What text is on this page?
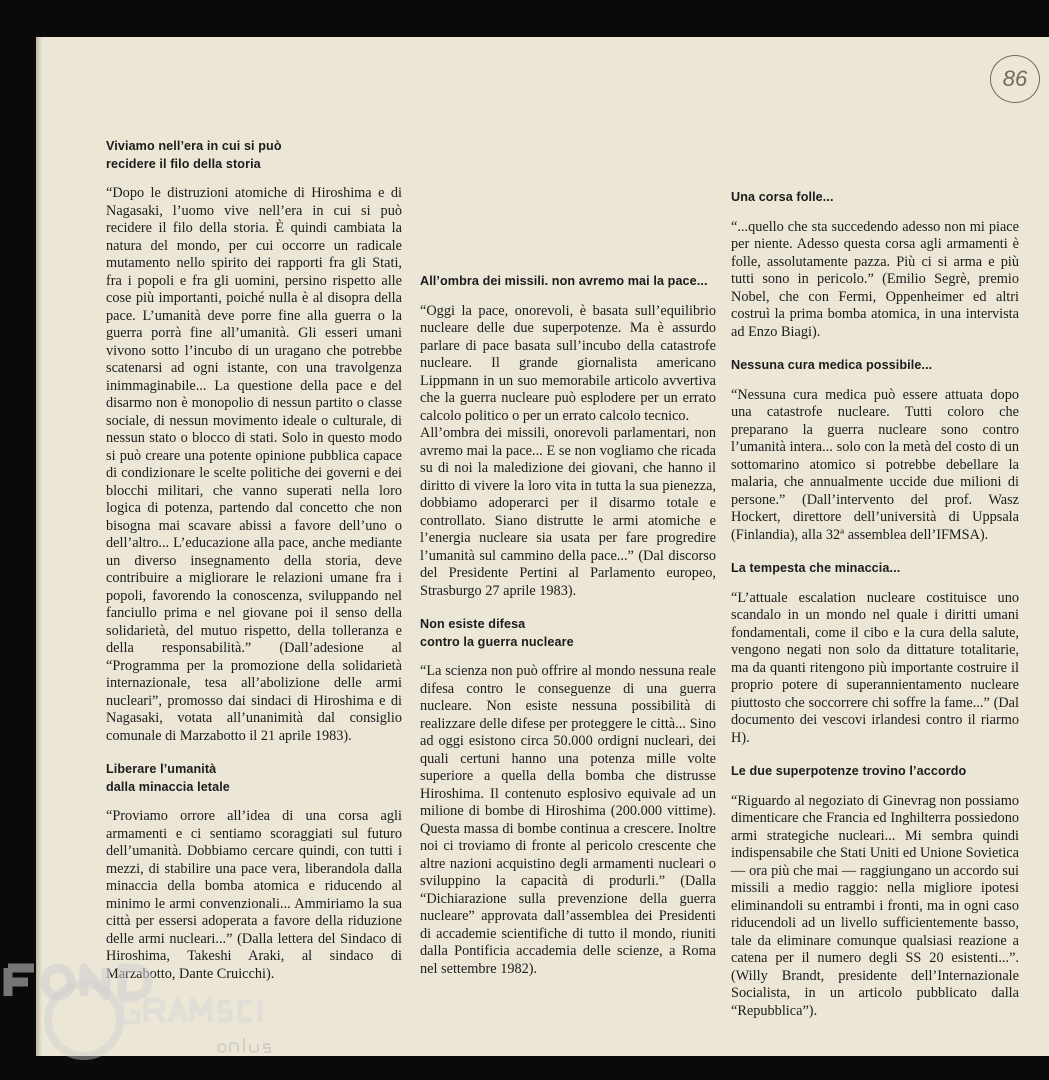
86
Viviamo nell’era in cui si può
recidere il filo della storia

“Dopo le distruzioni atomiche di Hiroshima e di Nagasaki, l’uomo vive nell’era in cui si può recidere il filo della storia. È quindi cambiata la natura del mondo, per cui occorre un radicale mutamento nello spirito dei rapporti fra gli Stati, fra i popoli e fra gli uomini, persino rispetto alle cose più importanti, poiché nulla è al disopra della pace. L’umanità deve porre fine alla guerra o la guerra porrà fine all’umanità. Gli esseri umani vivono sotto l’incubo di un uragano che potrebbe scatenarsi ad ogni istante, con una travolgenza inimmaginabile... La questione della pace e del disarmo non è monopolio di nessun partito o classe sociale, di nessun movimento ideale o culturale, di nessun stato o blocco di stati. Solo in questo modo si può creare una potente opinione pubblica capace di condizionare le scelte politiche dei governi e dei blocchi militari, che vanno superati nella loro logica di potenza, partendo dal concetto che non bisogna mai scavare abissi a favore dell’uno o dell’altro... L’educazione alla pace, anche mediante un diverso insegnamento della storia, deve contribuire a migliorare le relazioni umane fra i popoli, favorendo la conoscenza, sviluppando nel fanciullo prima e nel giovane poi il senso della solidarietà, del mutuo rispetto, della tolleranza e della responsabilità.” (Dall’adesione al “Programma per la promozione della solidarietà internazionale, tesa all’abolizione delle armi nucleari”, promosso dai sindaci di Hiroshima e di Nagasaki, votata all’unanimità dal consiglio comunale di Marzabotto il 21 aprile 1983).

Liberare l’umanità
dalla minaccia letale

“Proviamo orrore all’idea di una corsa agli armamenti e ci sentiamo scoraggiati sul futuro dell’umanità. Dobbiamo cercare quindi, con tutti i mezzi, di stabilire una pace vera, liberandola dalla minaccia della bomba atomica e riducendo al minimo le armi convenzionali... Ammiriamo la sua città per essersi adoperata a favore della riduzione delle armi nucleari...” (Dalla lettera del Sindaco di Hiroshima, Takeshi Araki, al sindaco di Marzabotto, Dante Cruicchi).

All’ombra dei missili. non avremo mai la pace...

“Oggi la pace, onorevoli, è basata sull’equilibrio nucleare delle due superpotenze. Ma è assurdo parlare di pace basata sull’incubo della catastrofe nucleare. Il grande giornalista americano Lippmann in un suo memorabile articolo avvertiva che la guerra nucleare può esplodere per un errato calcolo politico o per un errato calcolo tecnico.

All’ombra dei missili, onorevoli parlamentari, non avremo mai la pace... E se non vogliamo che ricada su di noi la maledizione dei giovani, che hanno il diritto di vivere la loro vita in tutta la sua pienezza, dobbiamo adoperarci per il disarmo totale e controllato. Siano distrutte le armi atomiche e l’energia nucleare sia usata per fare progredire l’umanità sul cammino della pace...” (Dal discorso del Presidente Pertini al Parlamento europeo, Strasburgo 27 aprile 1983).

Non esiste difesa
contro la guerra nucleare

“La scienza non può offrire al mondo nessuna reale difesa contro le conseguenze di una guerra nucleare. Non esiste nessuna possibilità di realizzare delle difese per proteggere le città... Sino ad oggi esistono circa 50.000 ordigni nucleari, dei quali certuni hanno una potenza mille volte superiore a quella della bomba che distrusse Hiroshima. Il contenuto esplosivo equivale ad un milione di bombe di Hiroshima (200.000 vittime). Questa massa di bombe continua a crescere. Inoltre noi ci troviamo di fronte al pericolo crescente che altre nazioni acquistino degli armamenti nucleari o sviluppino la capacità di produrli.” (Dalla “Dichiarazione sulla prevenzione della guerra nucleare” approvata dall’assemblea dei Presidenti di accademie scientifiche di tutto il mondo, riuniti dalla Pontificia accademia delle scienze, a Roma nel settembre 1982).

Una corsa folle...

“...quello che sta succedendo adesso non mi piace per niente. Adesso questa corsa agli armamenti è folle, assolutamente pazza. Più ci si arma e più tutti sono in pericolo.” (Emilio Segrè, premio Nobel, che con Fermi, Oppenheimer ed altri costruì la prima bomba atomica, in una intervista ad Enzo Biagi).

Nessuna cura medica possibile...

“Nessuna cura medica può essere attuata dopo una catastrofe nucleare. Tutti coloro che preparano la guerra nucleare sono contro l’umanità intera... solo con la metà del costo di un sottomarino atomico si potrebbe debellare la malaria, che annualmente uccide due milioni di persone.” (Dall’intervento del prof. Wasz Hockert, direttore dell’università di Uppsala (Finlandia), alla 32ª assemblea dell’IFMSA).

La tempesta che minaccia...

“L’attuale escalation nucleare costituisce uno scandalo in un mondo nel quale i diritti umani fondamentali, come il cibo e la cura della salute, vengono negati non solo da dittature totalitarie, ma da quanti ritengono più importante costruire il proprio potere di superannientamento nucleare piuttosto che soccorrere chi soffre la fame...” (Dal documento dei vescovi irlandesi contro il riarmo H).

Le due superpotenze trovino l’accordo

“Riguardo al negoziato di Ginevrag non possiamo dimenticare che Francia ed Inghilterra possiedono armi strategiche nucleari... Mi sembra quindi indispensabile che Stati Uniti ed Unione Sovietica — ora più che mai — raggiungano un accordo sui missili a medio raggio: nella migliore ipotesi eliminandoli su entrambi i fronti, ma in ogni caso riducendoli ad un livello sufficientemente basso, tale da eliminare comunque qualsiasi reazione a catena per il numero degli SS 20 esistenti...”. (Willy Brandt, presidente dell’Internazionale Socialista, in un articolo pubblicato dalla “Repubblica”).
